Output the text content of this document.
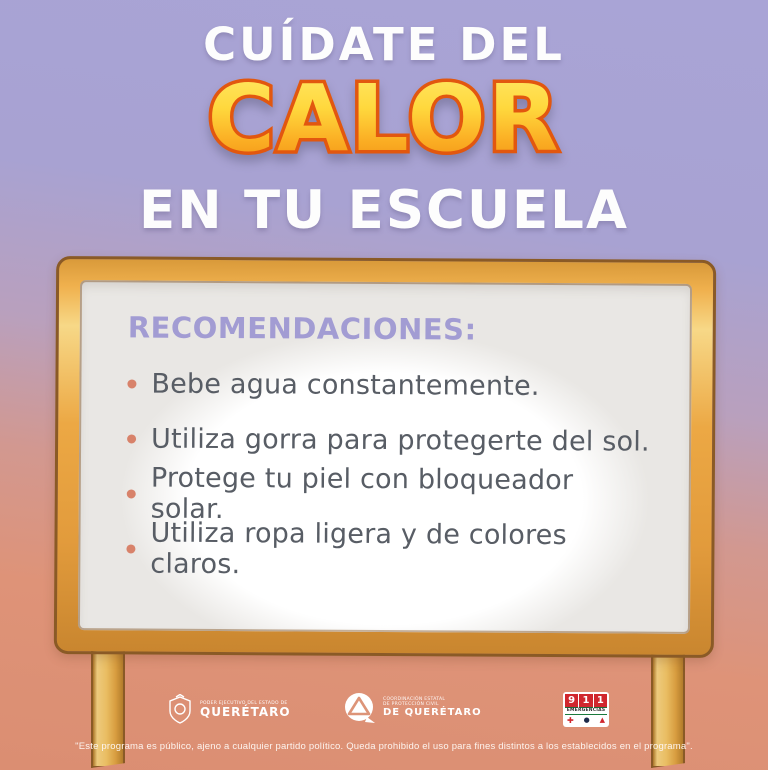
CUÍDATE DEL
CALOR
EN TU ESCUELA
RECOMENDACIONES:
Bebe agua constantemente.
Utiliza gorra para protegerte del sol.
Protege tu piel con bloqueador solar.
Utiliza ropa ligera y de colores claros.
PODER EJECUTIVO DEL ESTADO DE
QUERÉTARO
COORDINACIÓN ESTATAL
DE PROTECCIÓN CIVIL
DE QUERÉTARO
9 1 1
EMERGENCIAS
✚ ● ▲
"Este programa es público, ajeno a cualquier partido político. Queda prohibido el uso para fines distintos a los establecidos en el programa".
